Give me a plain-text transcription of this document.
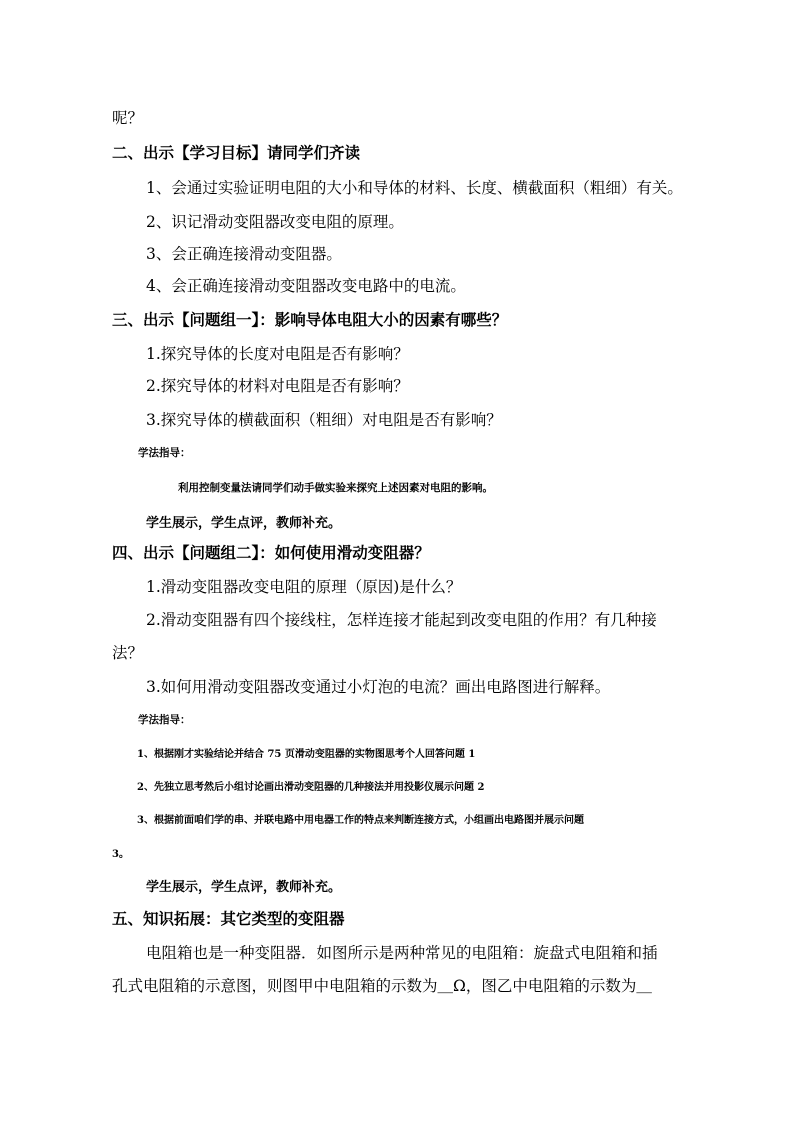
呢？

二、出示【学习目标】请同学们齐读

1、会通过实验证明电阻的大小和导体的材料、长度、横截面积（粗细）有关。

2、识记滑动变阻器改变电阻的原理。

3、会正确连接滑动变阻器。

4、会正确连接滑动变阻器改变电路中的电流。

三、出示【问题组一】：影响导体电阻大小的因素有哪些？

1.探究导体的长度对电阻是否有影响？

2.探究导体的材料对电阻是否有影响？

3.探究导体的横截面积（粗细）对电阻是否有影响？

学法指导：

利用控制变量法请同学们动手做实验来探究上述因素对电阻的影响。

学生展示，学生点评，教师补充。

四、出示【问题组二】：如何使用滑动变阻器？

1.滑动变阻器改变电阻的原理（原因)是什么？

2.滑动变阻器有四个接线柱，怎样连接才能起到改变电阻的作用？有几种接

法？

3.如何用滑动变阻器改变通过小灯泡的电流？画出电路图进行解释。

学法指导：

1、根据刚才实验结论并结合 75 页滑动变阻器的实物图思考个人回答问题 1

2、先独立思考然后小组讨论画出滑动变阻器的几种接法并用投影仪展示问题 2

3、根据前面咱们学的串、并联电路中用电器工作的特点来判断连接方式，小组画出电路图并展示问题

3。

学生展示，学生点评，教师补充。

五、知识拓展：其它类型的变阻器

电阻箱也是一种变阻器．如图所示是两种常见的电阻箱：旋盘式电阻箱和插

孔式电阻箱的示意图，则图甲中电阻箱的示数为＿Ω，图乙中电阻箱的示数为＿
